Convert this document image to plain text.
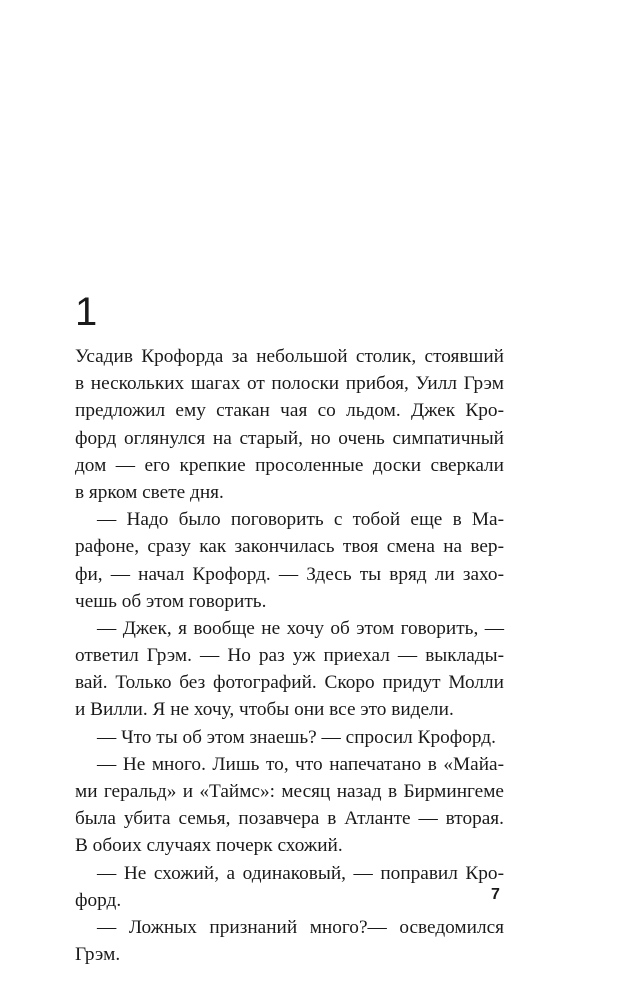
1
Усадив Крофорда за небольшой столик, стоявший
в нескольких шагах от полоски прибоя, Уилл Грэм
предложил ему стакан чая со льдом. Джек Кро-
форд оглянулся на старый, но очень симпатичный
дом — его крепкие просоленные доски сверкали
в ярком свете дня.
— Надо было поговорить с тобой еще в Ма-
рафоне, сразу как закончилась твоя смена на вер-
фи, — начал Крофорд. — Здесь ты вряд ли захо-
чешь об этом говорить.
— Джек, я вообще не хочу об этом говорить, —
ответил Грэм. — Но раз уж приехал — выклады-
вай. Только без фотографий. Скоро придут Молли
и Вилли. Я не хочу, чтобы они все это видели.
— Что ты об этом знаешь? — спросил Крофорд.
— Не много. Лишь то, что напечатано в «Майа-
ми геральд» и «Таймс»: месяц назад в Бирмингеме
была убита семья, позавчера в Атланте — вторая.
В обоих случаях почерк схожий.
— Не схожий, а одинаковый, — поправил Кро-
форд.
— Ложных признаний много?— осведомился
Грэм.
7
